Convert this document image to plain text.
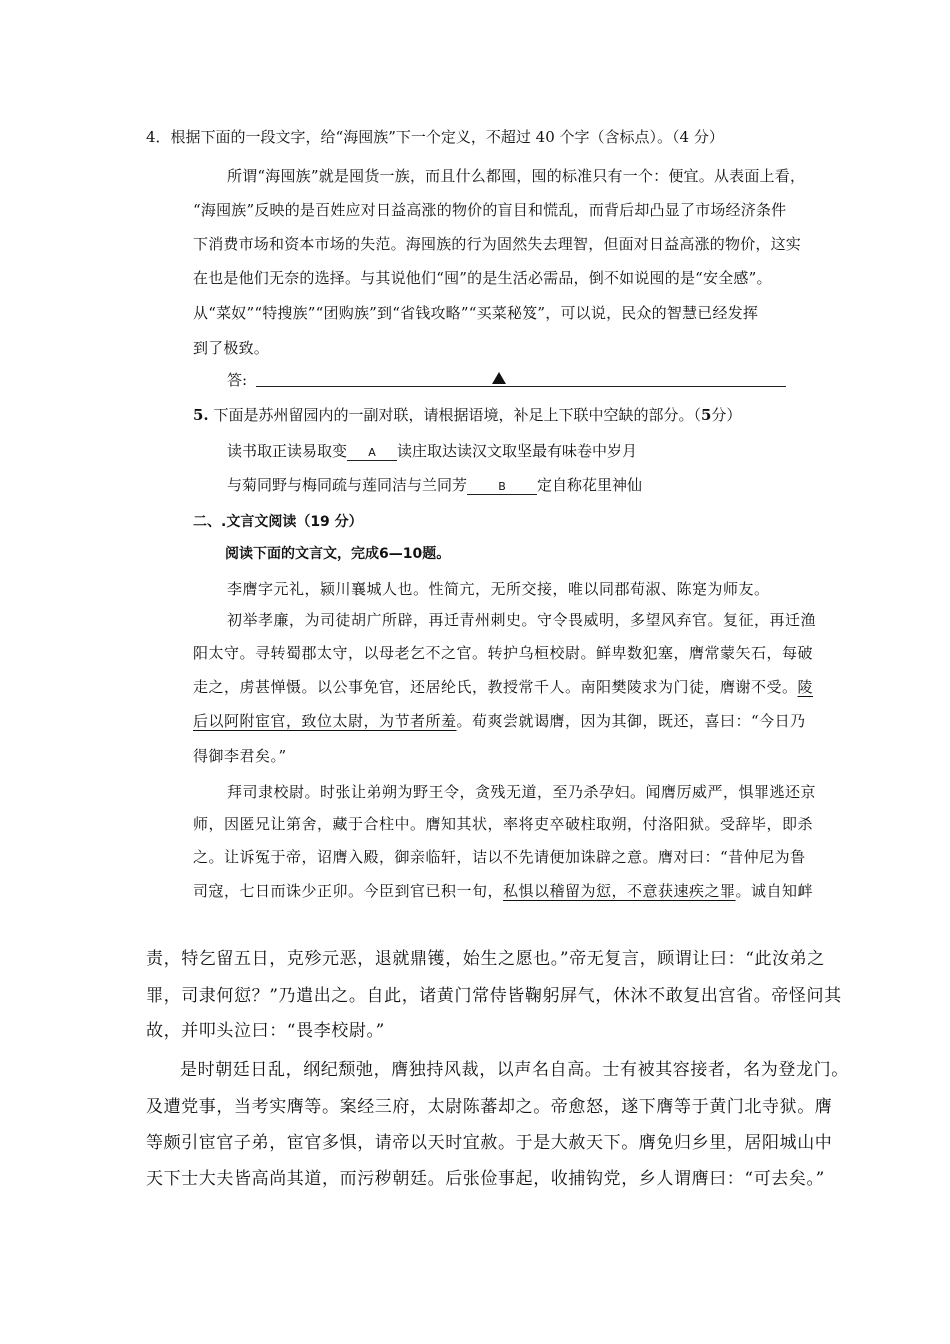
4．根据下面的一段文字，给“海囤族”下一个定义，不超过 40 个字（含标点）。（4 分）
所谓“海囤族”就是囤货一族，而且什么都囤，囤的标准只有一个：便宜。从表面上看，
“海囤族”反映的是百姓应对日益高涨的物价的盲目和慌乱，而背后却凸显了市场经济条件
下消费市场和资本市场的失范。海囤族的行为固然失去理智，但面对日益高涨的物价，这实
在也是他们无奈的选择。与其说他们“囤”的是生活必需品，倒不如说囤的是“安全感”。
从“菜奴”“特搜族”“团购族”到“省钱攻略”“买菜秘笈”，可以说，民众的智慧已经发挥
到了极致。
答:
5. 下面是苏州留园内的一副对联，请根据语境，补足上下联中空缺的部分。（5分）
读书取正读易取变 A 读庄取达读汉文取坚最有味卷中岁月
与菊同野与梅同疏与莲同洁与兰同芳	B 定自称花里神仙
二、.文言文阅读（19 分）
阅读下面的文言文，完成6—10题。
李膺字元礼，颍川襄城人也。性简亢，无所交接，唯以同郡荀淑、陈寔为师友。
初举孝廉，为司徒胡广所辟，再迁青州刺史。守令畏威明，多望风弃官。复征，再迁渔
阳太守。寻转蜀郡太守，以母老乞不之官。转护乌桓校尉。鲜卑数犯塞，膺常蒙矢石，每破
走之，虏甚惮慑。以公事免官，还居纶氏，教授常千人。南阳樊陵求为门徒，膺谢不受。陵
后以阿附宦官，致位太尉，为节者所羞。荀爽尝就谒膺，因为其御，既还，喜曰：“今日乃
得御李君矣。”
拜司隶校尉。时张让弟朔为野王令，贪残无道，至乃杀孕妇。闻膺厉威严，惧罪逃还京
师，因匿兄让第舍，藏于合柱中。膺知其状，率将吏卒破柱取朔，付洛阳狱。受辞毕，即杀
之。让诉冤于帝，诏膺入殿，御亲临轩，诘以不先请便加诛辟之意。膺对曰：“昔仲尼为鲁
司寇，七日而诛少正卯。今臣到官已积一旬，私惧以稽留为愆，不意获速疾之罪。诚自知衅
责，特乞留五日，克殄元恶，退就鼎镬，始生之愿也。”帝无复言，顾谓让曰：“此汝弟之
罪，司隶何愆？”乃遣出之。自此，诸黄门常侍皆鞠躬屏气，休沐不敢复出宫省。帝怪问其
故，并叩头泣曰：“畏李校尉。”
是时朝廷日乱，纲纪颓弛，膺独持风裁，以声名自高。士有被其容接者，名为登龙门。
及遭党事，当考实膺等。案经三府，太尉陈蕃却之。帝愈怒，遂下膺等于黄门北寺狱。膺
等颇引宦官子弟，宦官多惧，请帝以天时宜赦。于是大赦天下。膺免归乡里，居阳城山中
天下士大夫皆高尚其道，而污秽朝廷。后张俭事起，收捕钩党，乡人谓膺曰：“可去矣。”
